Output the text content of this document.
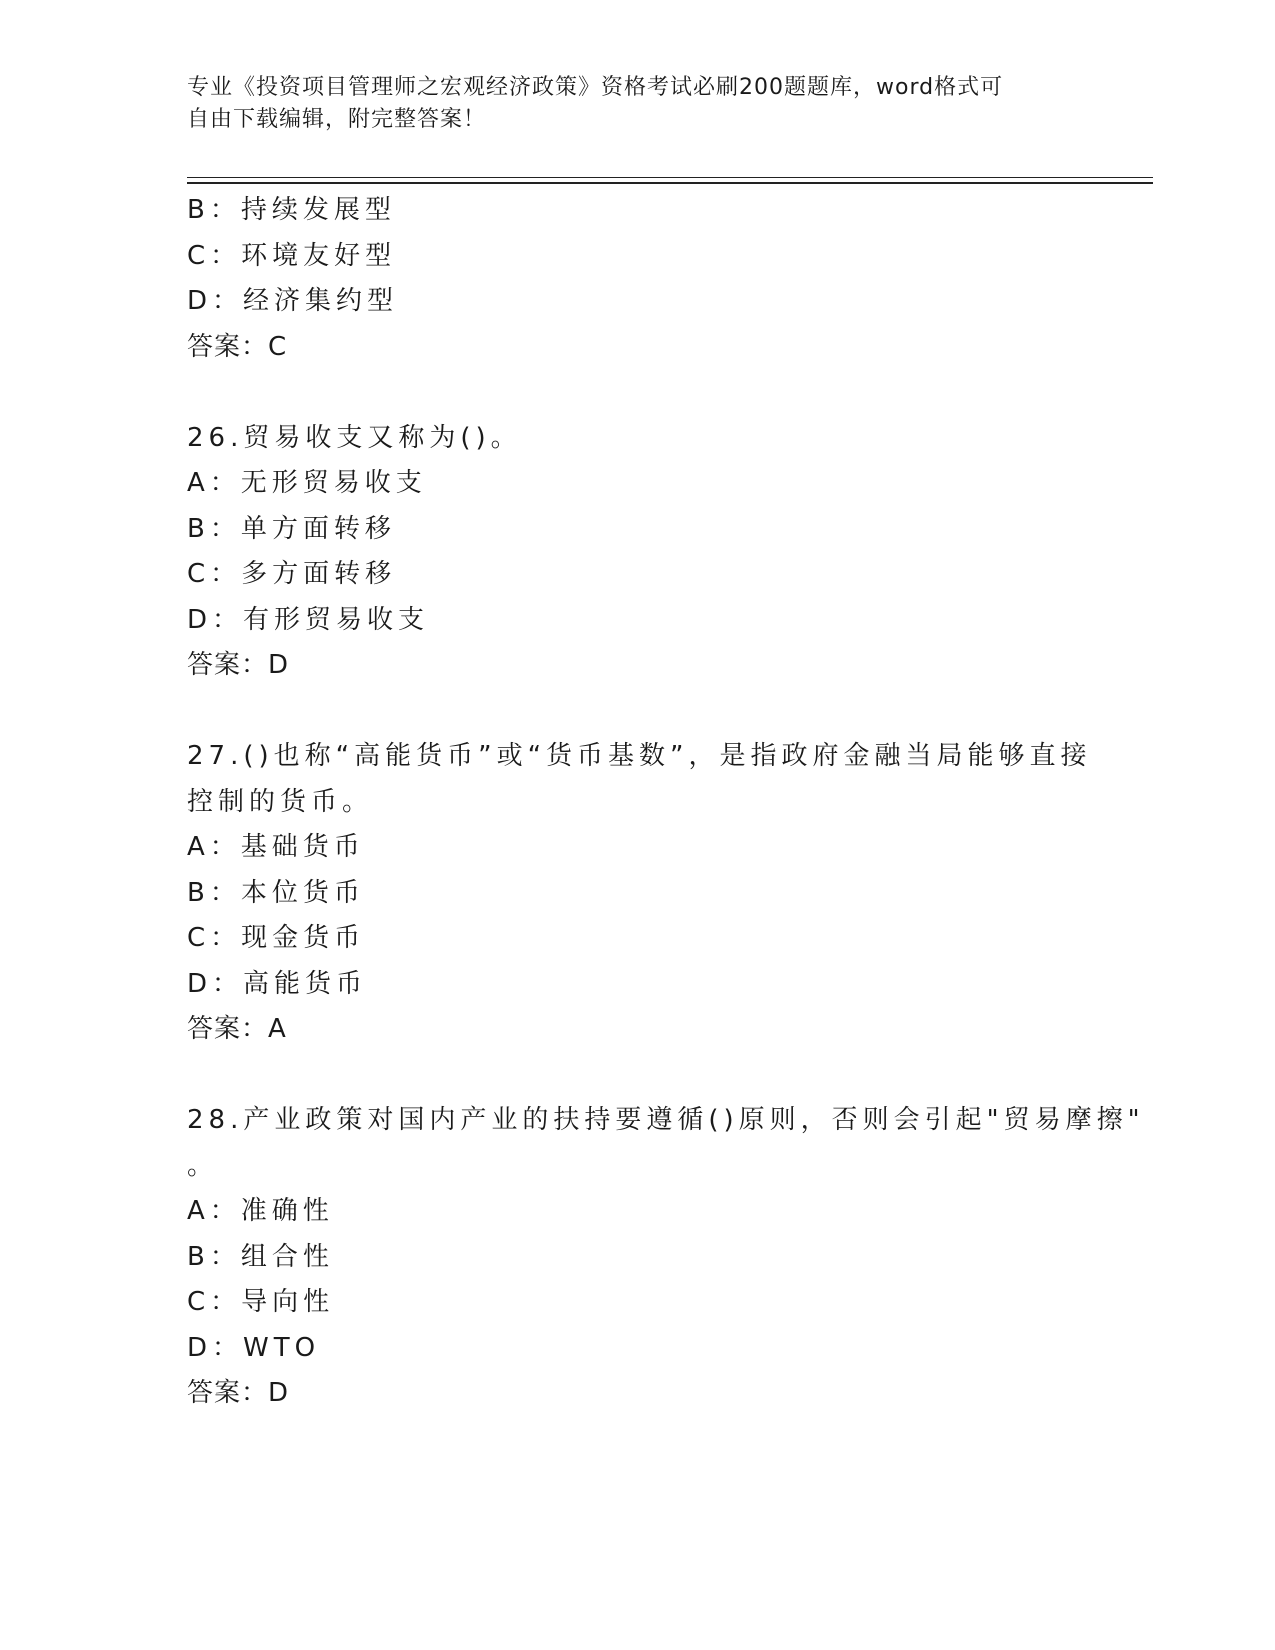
专业《投资项目管理师之宏观经济政策》资格考试必刷200题题库，word格式可
自由下载编辑，附完整答案！
B：持续发展型
C：环境友好型
D：经济集约型
答案：C
26.贸易收支又称为()。
A：无形贸易收支
B：单方面转移
C：多方面转移
D：有形贸易收支
答案：D
27.()也称“高能货币”或“货币基数”，是指政府金融当局能够直接
控制的货币。
A：基础货币
B：本位货币
C：现金货币
D：高能货币
答案：A
28.产业政策对国内产业的扶持要遵循()原则，否则会引起"贸易摩擦"
。
A：准确性
B：组合性
C：导向性
D：WTO
答案：D
